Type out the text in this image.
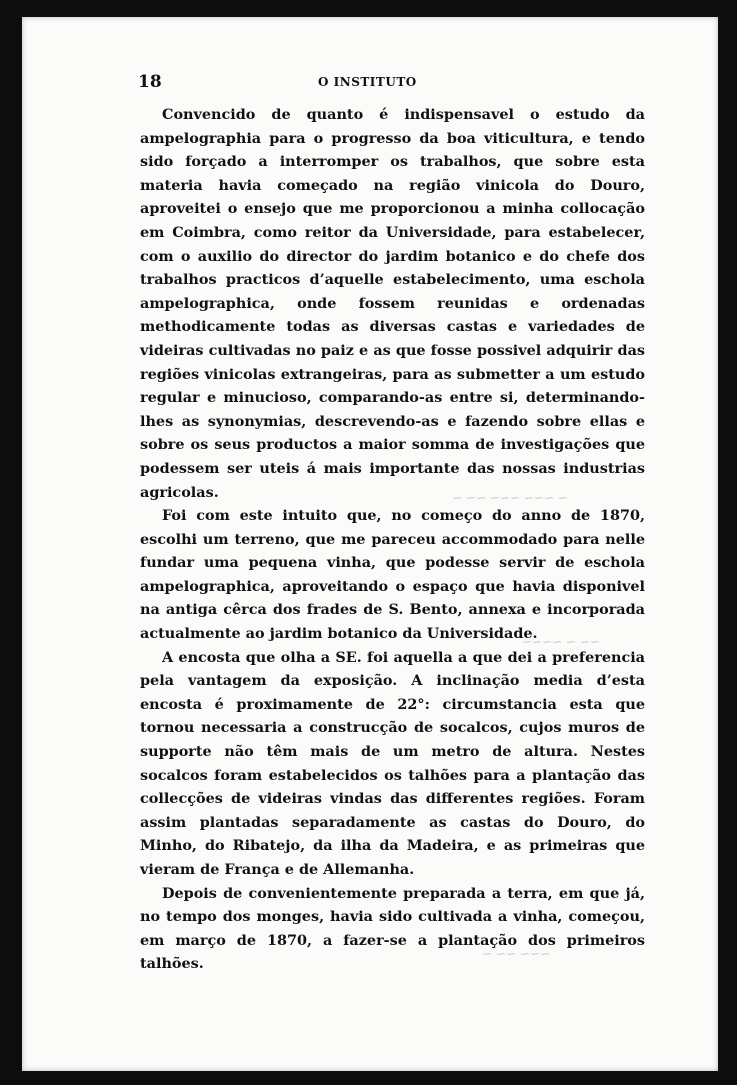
~ ~~~ ~~~ ~~ ~
~~ ~ ~~~~
~~~ ~~ ~
18	O INSTITUTO

Convencido de quanto é indispensavel o estudo da ampelographia para o progresso da boa viticultura, e tendo sido forçado a interromper os trabalhos, que sobre esta materia havia começado na região vinicola do Douro, aproveitei o ensejo que me proporcionou a minha collocação em Coimbra, como reitor da Universidade, para estabelecer, com o auxilio do director do jardim botanico e do chefe dos trabalhos practicos d’aquelle estabelecimento, uma eschola ampelographica, onde fossem reunidas e ordenadas methodicamente todas as diversas castas e variedades de videiras cultivadas no paiz e as que fosse possivel adquirir das regiões vinicolas extrangeiras, para as submetter a um estudo regular e minucioso, comparando-as entre si, determinando-lhes as synonymias, descrevendo-as e fazendo sobre ellas e sobre os seus productos a maior somma de investigações que podessem ser uteis á mais importante das nossas industrias agricolas.

Foi com este intuito que, no começo do anno de 1870, escolhi um terreno, que me pareceu accommodado para nelle fundar uma pequena vinha, que podesse servir de eschola ampelographica, aproveitando o espaço que havia disponivel na antiga cêrca dos frades de S. Bento, annexa e incorporada actualmente ao jardim botanico da Universidade.

A encosta que olha a SE. foi aquella a que dei a preferencia pela vantagem da exposição. A inclinação media d’esta encosta é proximamente de 22°: circumstancia esta que tornou necessaria a construcção de socalcos, cujos muros de supporte não têm mais de um metro de altura. Nestes socalcos foram estabelecidos os talhões para a plantação das collecções de videiras vindas das differentes regiões. Foram assim plantadas separadamente as castas do Douro, do Minho, do Ribatejo, da ilha da Madeira, e as primeiras que vieram de França e de Allemanha.

Depois de convenientemente preparada a terra, em que já, no tempo dos monges, havia sido cultivada a vinha, começou, em março de 1870, a fazer-se a plantação dos primeiros talhões.
